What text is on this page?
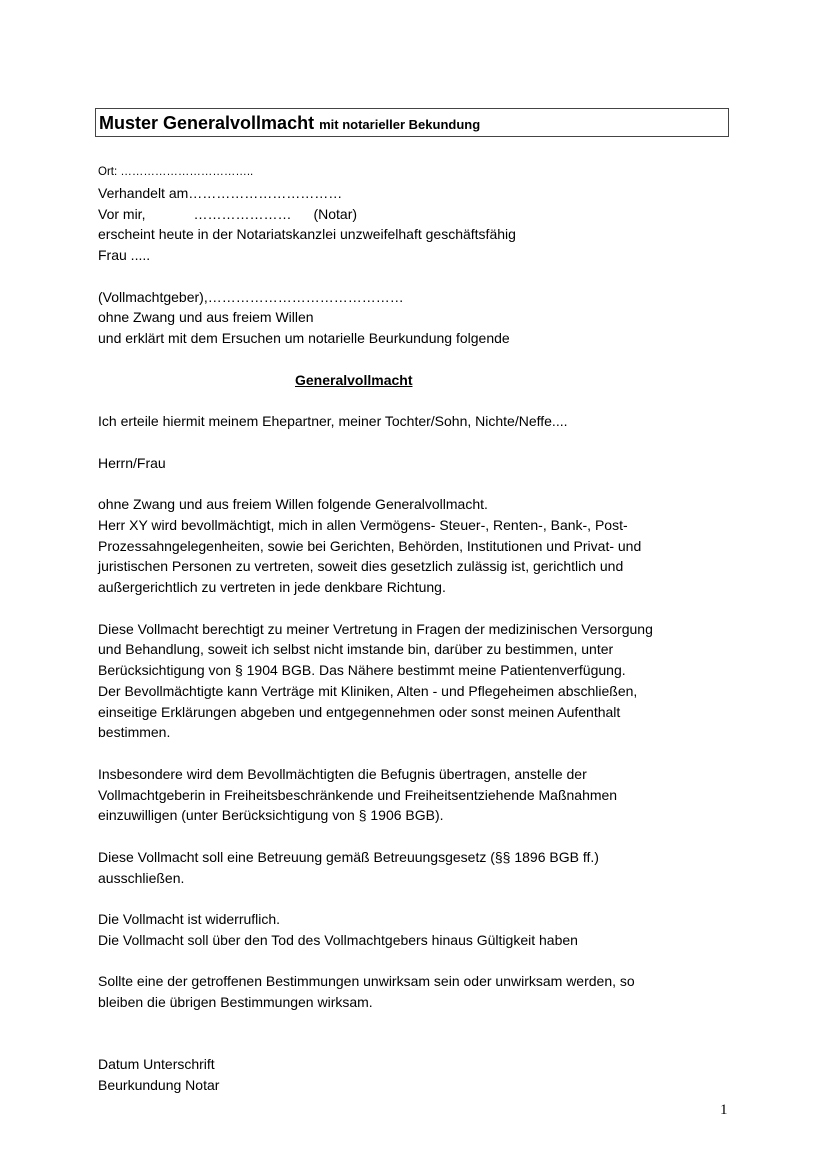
Muster Generalvollmacht mit notarieller Bekundung
Ort: ……………………………..
Verhandelt am……………………………
Vor mir,	………………… (Notar)
erscheint heute in der Notariatskanzlei unzweifelhaft geschäftsfähig
Frau .....
(Vollmachtgeber),……………………………………
ohne Zwang und aus freiem Willen
und erklärt mit dem Ersuchen um notarielle Beurkundung folgende
Generalvollmacht
Ich erteile hiermit meinem Ehepartner, meiner Tochter/Sohn, Nichte/Neffe....
Herrn/Frau
ohne Zwang und aus freiem Willen folgende Generalvollmacht.
Herr XY wird bevollmächtigt, mich in allen Vermögens- Steuer-, Renten-, Bank-, Post-
Prozessahngelegenheiten, sowie bei Gerichten, Behörden, Institutionen und Privat- und
juristischen Personen zu vertreten, soweit dies gesetzlich zulässig ist, gerichtlich und
außergerichtlich zu vertreten in jede denkbare Richtung.
Diese Vollmacht berechtigt zu meiner Vertretung in Fragen der medizinischen Versorgung
und Behandlung, soweit ich selbst nicht imstande bin, darüber zu bestimmen, unter
Berücksichtigung von § 1904 BGB. Das Nähere bestimmt meine Patientenverfügung.
Der Bevollmächtigte kann Verträge mit Kliniken, Alten - und Pflegeheimen abschließen,
einseitige Erklärungen abgeben und entgegennehmen oder sonst meinen Aufenthalt
bestimmen.
Insbesondere wird dem Bevollmächtigten die Befugnis übertragen, anstelle der
Vollmachtgeberin in Freiheitsbeschränkende und Freiheitsentziehende Maßnahmen
einzuwilligen (unter Berücksichtigung von § 1906 BGB).
Diese Vollmacht soll eine Betreuung gemäß Betreuungsgesetz (§§ 1896 BGB ff.)
ausschließen.
Die Vollmacht ist widerruflich.
Die Vollmacht soll über den Tod des Vollmachtgebers hinaus Gültigkeit haben
Sollte eine der getroffenen Bestimmungen unwirksam sein oder unwirksam werden, so
bleiben die übrigen Bestimmungen wirksam.
Datum Unterschrift
Beurkundung Notar
1
